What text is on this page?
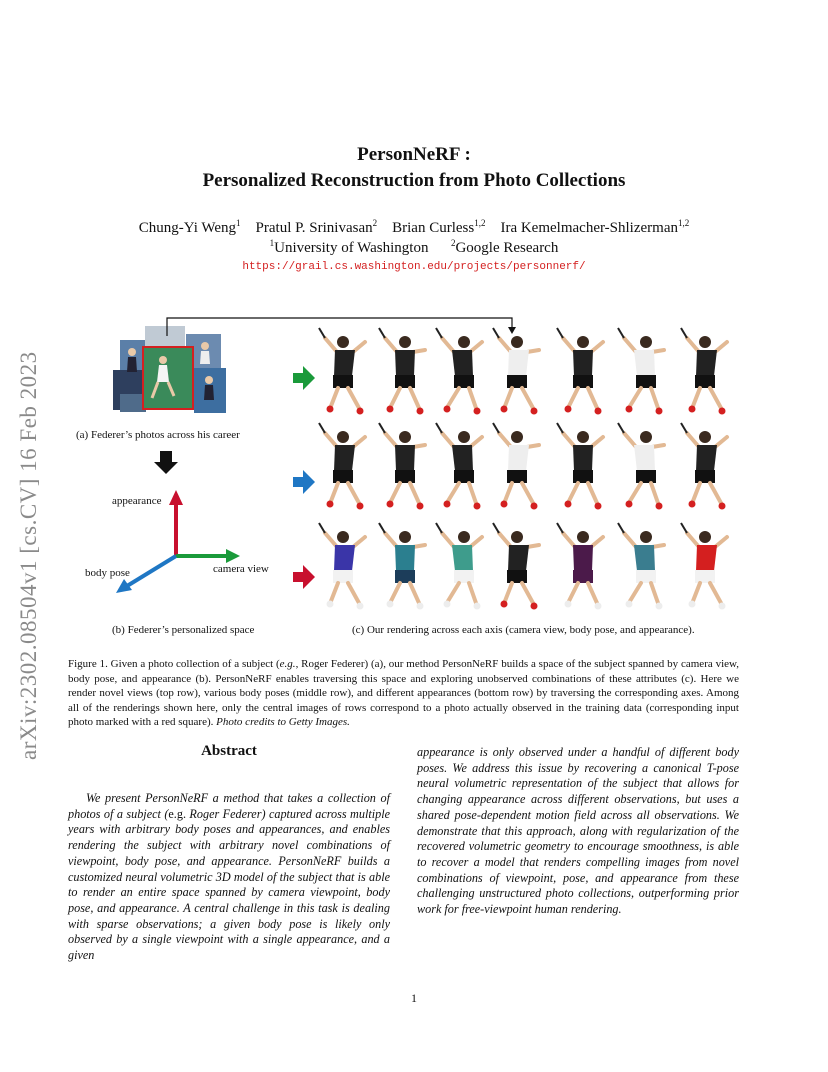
arXiv:2302.08504v1 [cs.CV] 16 Feb 2023
PersonNeRF :
Personalized Reconstruction from Photo Collections
Chung-Yi Weng$^1$ Pratul P. Srinivasan$^2$ Brian Curless$^{1,2}$ Ira Kemelmacher-Shlizerman$^{1,2}$
$^1$University of Washington	$^2$Google Research
https://grail.cs.washington.edu/projects/personnerf/
(a) Federer’s photos across his career
appearance
body pose	camera view
(b) Federer’s personalized space	(c) Our rendering across each axis (camera view, body pose, and appearance).
Figure 1. Given a photo collection of a subject (e.g., Roger Federer) (a), our method PersonNeRF builds a space of the subject spanned by camera view, body pose, and appearance (b). PersonNeRF enables traversing this space and exploring unobserved combinations of these attributes (c). Here we render novel views (top row), various body poses (middle row), and different appearances (bottom row) by traversing the corresponding axes. Among all of the renderings shown here, only the central images of rows correspond to a photo actually observed in the training data (corresponding input photo marked with a red square). Photo credits to Getty Images.
Abstract
We present PersonNeRF a method that takes a collection of photos of a subject (e.g. Roger Federer) captured across multiple years with arbitrary body poses and appearances, and enables rendering the subject with arbitrary novel combinations of viewpoint, body pose, and appearance. PersonNeRF builds a customized neural volumetric 3D model of the subject that is able to render an entire space spanned by camera viewpoint, body pose, and appearance. A central challenge in this task is dealing with sparse observations; a given body pose is likely only observed by a single viewpoint with a single appearance, and a given
appearance is only observed under a handful of different body poses. We address this issue by recovering a canonical T-pose neural volumetric representation of the subject that allows for changing appearance across different observations, but uses a shared pose-dependent motion field across all observations. We demonstrate that this approach, along with regularization of the recovered volumetric geometry to encourage smoothness, is able to recover a model that renders compelling images from novel combinations of viewpoint, pose, and appearance from these challenging unstructured photo collections, outperforming prior work for free-viewpoint human rendering.
1
